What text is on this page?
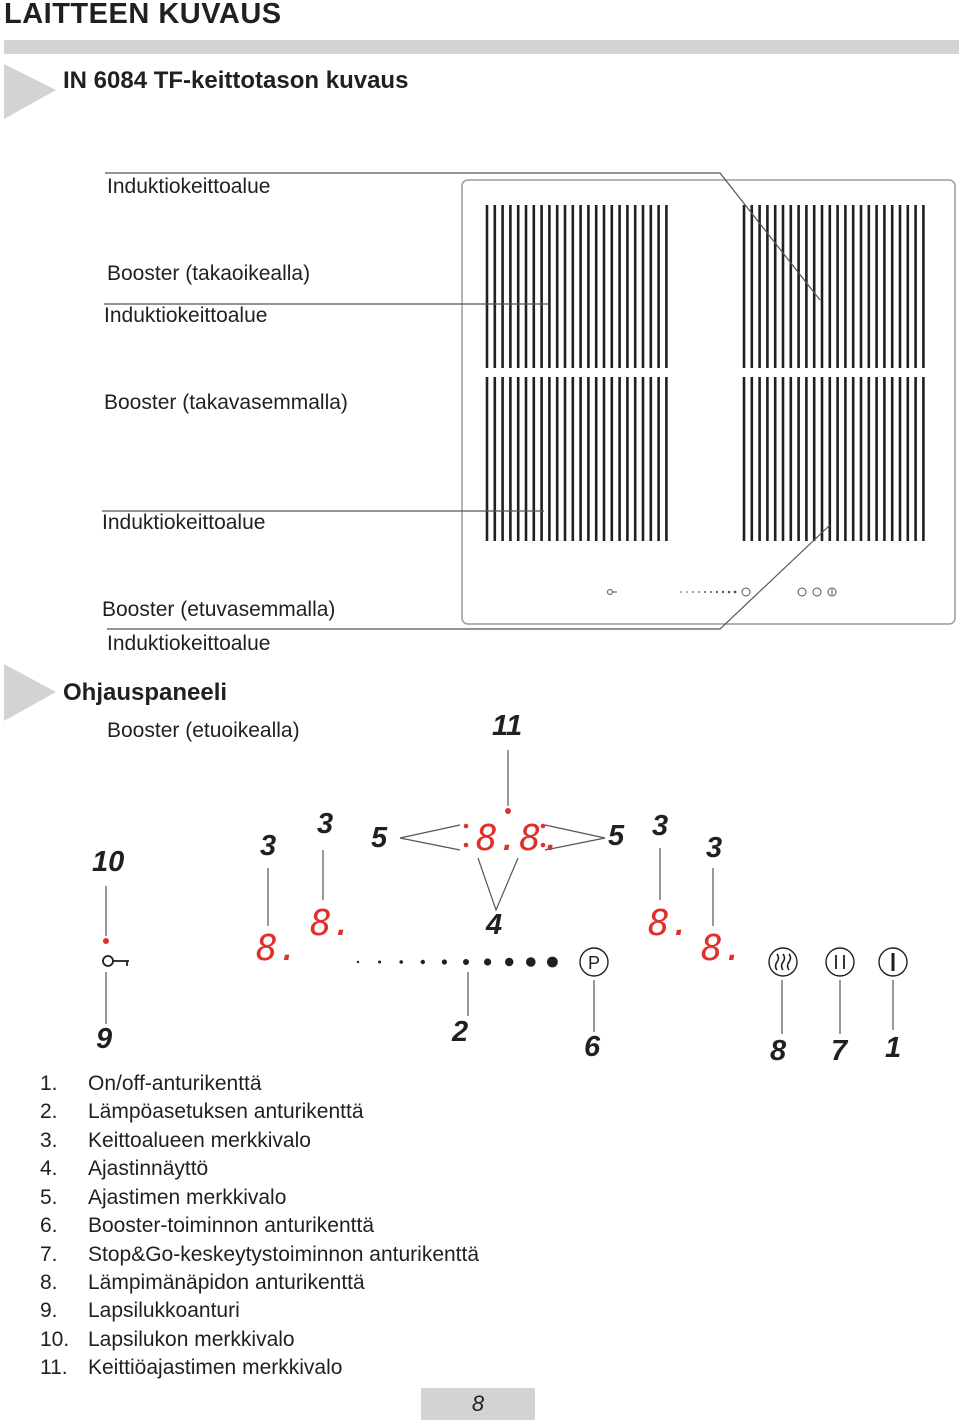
LAITTEEN KUVAUS
IN 6084 TF-keittotason kuvaus

Induktiokeittoalue

Booster (takaoikealla)

Induktiokeittoalue

Booster (takavasemmalla)

Induktiokeittoalue

Booster (etuvasemmalla)

Induktiokeittoalue

Booster (etuoikealla)

Ohjauspaneeli
8.
8.
8.8.
8.
8.
P
11
10	3
3 5	5 3
3
4
9	2	6	8 7 1
1. On/off-anturikenttä
2. Lämpöasetuksen anturikenttä
3. Keittoalueen merkkivalo
4. Ajastinnäyttö
5. Ajastimen merkkivalo
6. Booster-toiminnon anturikenttä
7. Stop&Go-keskeytystoiminnon anturikenttä
8. Lämpimänäpidon anturikenttä
9. Lapsilukkoanturi
10. Lapsilukon merkkivalo
11. Keittiöajastimen merkkivalo
8
